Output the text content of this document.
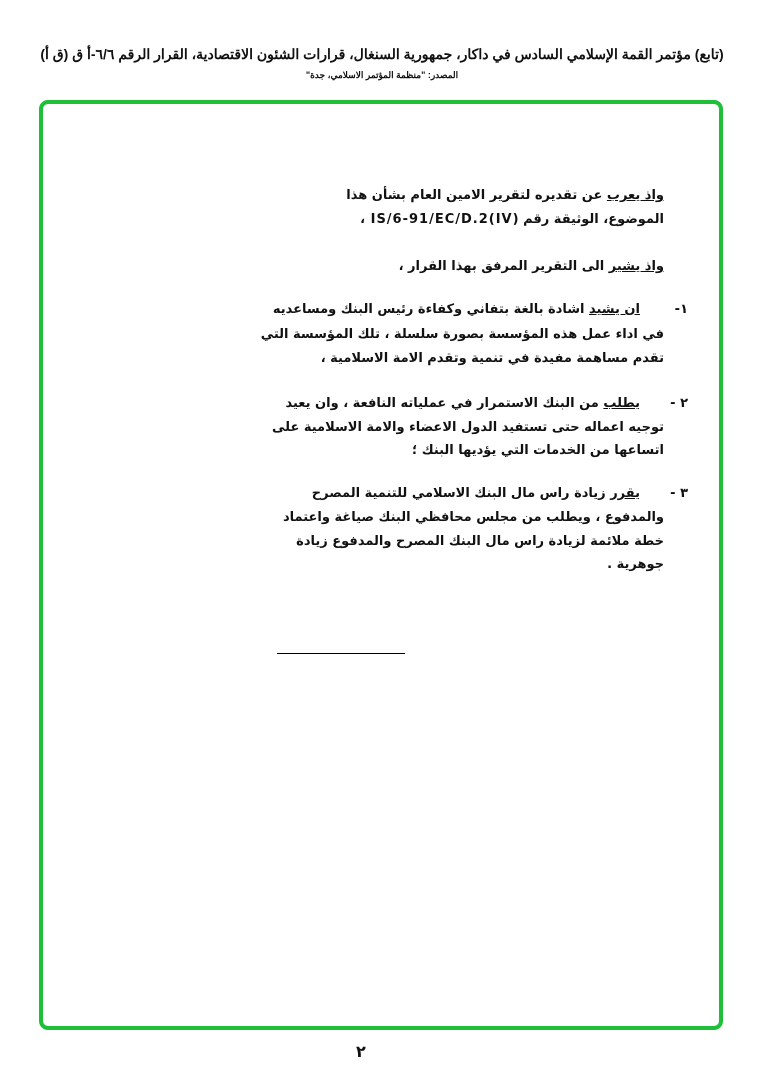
(تابع) مؤتمر القمة الإسلامي السادس في داكار، جمهورية السنغال، قرارات الشئون الاقتصادية، القرار الرقم ٦/٦-أ ق (ق أ)
المصدر: "منظمة المؤتمر الاسلامي، جدة"
واذ يعرب عن تقديره لتقرير الامين العام بشأن هذا
الموضوع، الوثيقة رقم (IS/6-91/EC/D.2(IV ،
واذ يشير الى التقرير المرفق بهذا القرار ،
١-
ان يشيد اشادة بالغة بتفاني وكفاءة رئيس البنك ومساعديه
في اداء عمل هذه المؤسسة بصورة سلسلة ، تلك المؤسسة التي
تقدم مساهمة مفيدة في تنمية وتقدم الامة الاسلامية ،
٢ -
يطلب من البنك الاستمرار في عملياته النافعة ، وان يعيد
توجيه اعماله حتى تستفيد الدول الاعضاء والامة الاسلامية على
اتساعها من الخدمات التي يؤديها البنك ؛
٣ -
يقرر زيادة راس مال البنك الاسلامي للتنمية المصرح
والمدفوع ، ويطلب من مجلس محافظي البنك صياغة واعتماد
خطة ملائمة لزيادة راس مال البنك المصرح والمدفوع زيادة
جوهرية .
٢
